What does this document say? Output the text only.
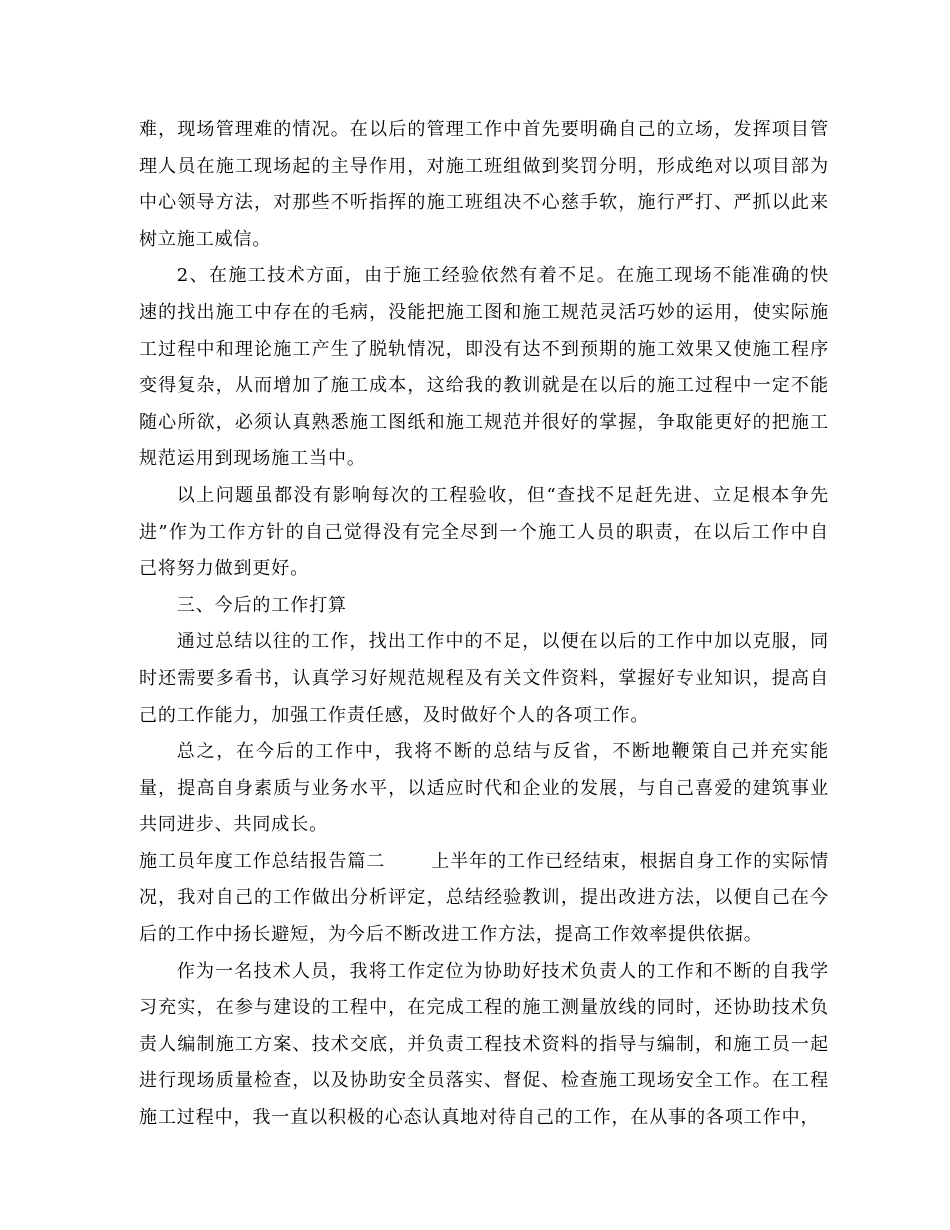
难，现场管理难的情况。在以后的管理工作中首先要明确自己的立场，发挥项目管理人员在施工现场起的主导作用，对施工班组做到奖罚分明，形成绝对以项目部为中心领导方法，对那些不听指挥的施工班组决不心慈手软，施行严打、严抓以此来树立施工威信。

2、在施工技术方面，由于施工经验依然有着不足。在施工现场不能准确的快速的找出施工中存在的毛病，没能把施工图和施工规范灵活巧妙的运用，使实际施工过程中和理论施工产生了脱轨情况，即没有达不到预期的施工效果又使施工程序变得复杂，从而增加了施工成本，这给我的教训就是在以后的施工过程中一定不能随心所欲，必须认真熟悉施工图纸和施工规范并很好的掌握，争取能更好的把施工规范运用到现场施工当中。

以上问题虽都没有影响每次的工程验收，但“查找不足赶先进、立足根本争先进”作为工作方针的自己觉得没有完全尽到一个施工人员的职责，在以后工作中自己将努力做到更好。

三、今后的工作打算

通过总结以往的工作，找出工作中的不足，以便在以后的工作中加以克服，同时还需要多看书，认真学习好规范规程及有关文件资料，掌握好专业知识，提高自己的工作能力，加强工作责任感，及时做好个人的各项工作。

总之，在今后的工作中，我将不断的总结与反省，不断地鞭策自己并充实能量，提高自身素质与业务水平，以适应时代和企业的发展，与自己喜爱的建筑事业共同进步、共同成长。

施工员年度工作总结报告篇二	上半年的工作已经结束，根据自身工作的实际情况，我对自己的工作做出分析评定，总结经验教训，提出改进方法，以便自己在今后的工作中扬长避短，为今后不断改进工作方法，提高工作效率提供依据。

作为一名技术人员，我将工作定位为协助好技术负责人的工作和不断的自我学习充实，在参与建设的工程中，在完成工程的施工测量放线的同时，还协助技术负责人编制施工方案、技术交底，并负责工程技术资料的指导与编制，和施工员一起进行现场质量检查，以及协助安全员落实、督促、检查施工现场安全工作。在工程施工过程中，我一直以积极的心态认真地对待自己的工作，在从事的各项工作中，
